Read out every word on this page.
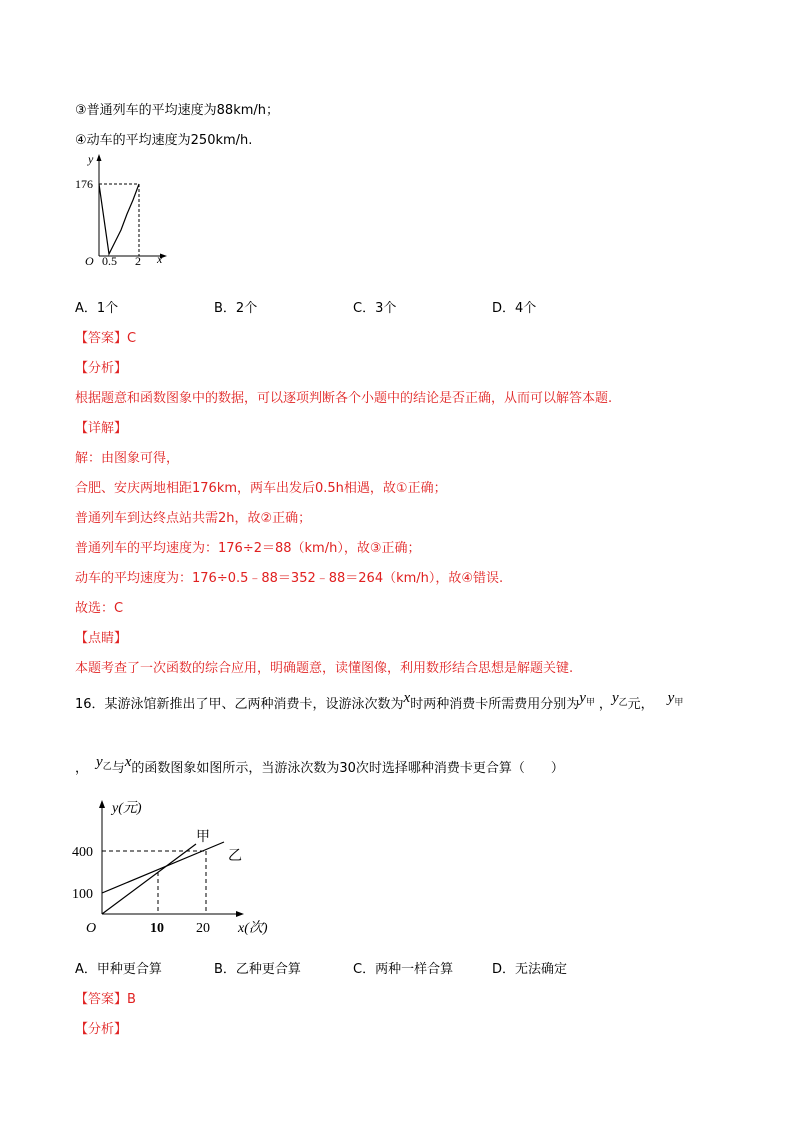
③普通列车的平均速度为88km/h；
④动车的平均速度为250km/h.
y
176
O 0.5 2 x
A．1个	B．2个	C．3个	D．4个
【答案】C
【分析】
根据题意和函数图象中的数据，可以逐项判断各个小题中的结论是否正确，从而可以解答本题.
【详解】
解：由图象可得，
合肥、安庆两地相距176km，两车出发后0.5h相遇，故①正确；
普通列车到达终点站共需2h，故②正确；
普通列车的平均速度为：176÷2＝88（km/h），故③正确；
动车的平均速度为：176÷0.5﹣88＝352﹣88＝264（km/h），故④错误.
故选：C
【点睛】
本题考查了一次函数的综合应用，明确题意，读懂图像，利用数形结合思想是解题关键.
16．某游泳馆新推出了甲、乙两种消费卡，设游泳次数为x时两种消费卡所需费用分别为$y^甲$ ，$y^乙$元， $y^甲$
， $y^乙$与x的函数图象如图所示，当游泳次数为30次时选择哪种消费卡更合算（　　）
y(元)
甲
乙
400
100
O	10 20 x(次)
A．甲种更合算	B．乙种更合算	C．两种一样合算	D．无法确定
【答案】B
【分析】
